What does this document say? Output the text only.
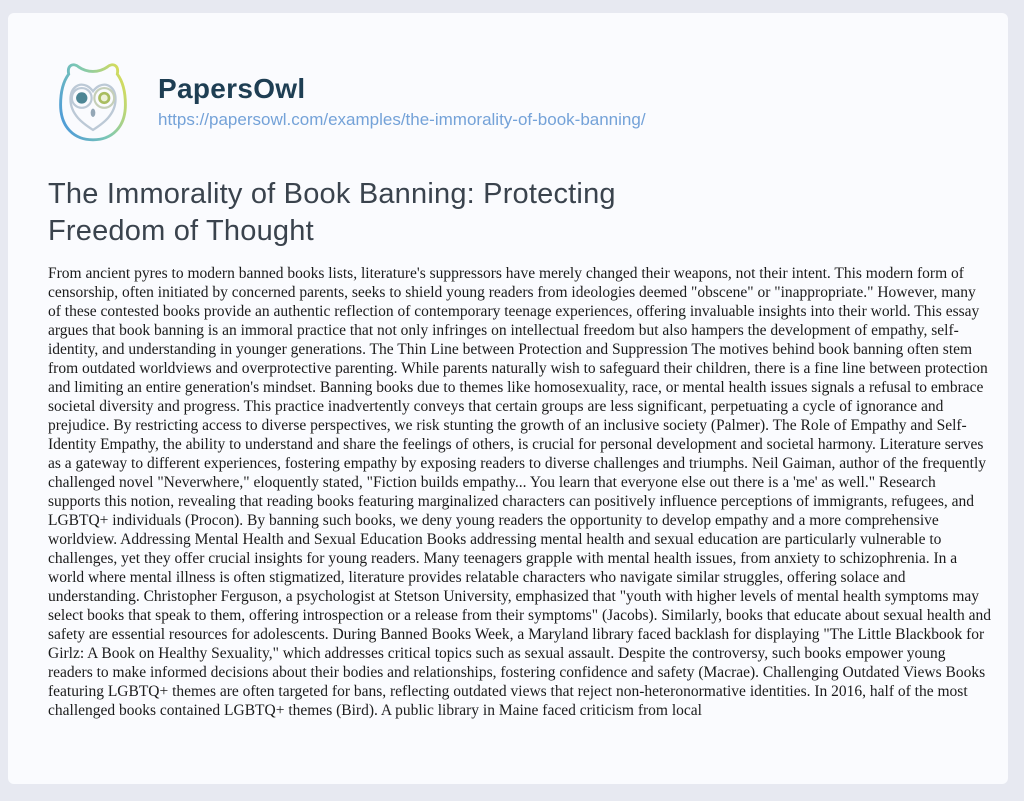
PapersOwl
https://papersowl.com/examples/the-immorality-of-book-banning/
The Immorality of Book Banning: Protecting Freedom of Thought

From ancient pyres to modern banned books lists, literature's suppressors have merely changed their weapons, not their intent. This modern form of censorship, often initiated by concerned parents, seeks to shield young readers from ideologies deemed "obscene" or "inappropriate." However, many of these contested books provide an authentic reflection of contemporary teenage experiences, offering invaluable insights into their world. This essay argues that book banning is an immoral practice that not only infringes on intellectual freedom but also hampers the development of empathy, self-identity, and understanding in younger generations. The Thin Line between Protection and Suppression The motives behind book banning often stem from outdated worldviews and overprotective parenting. While parents naturally wish to safeguard their children, there is a fine line between protection and limiting an entire generation's mindset. Banning books due to themes like homosexuality, race, or mental health issues signals a refusal to embrace societal diversity and progress. This practice inadvertently conveys that certain groups are less significant, perpetuating a cycle of ignorance and prejudice. By restricting access to diverse perspectives, we risk stunting the growth of an inclusive society (Palmer). The Role of Empathy and Self-Identity Empathy, the ability to understand and share the feelings of others, is crucial for personal development and societal harmony. Literature serves as a gateway to different experiences, fostering empathy by exposing readers to diverse challenges and triumphs. Neil Gaiman, author of the frequently challenged novel "Neverwhere," eloquently stated, "Fiction builds empathy... You learn that everyone else out there is a 'me' as well." Research supports this notion, revealing that reading books featuring marginalized characters can positively influence perceptions of immigrants, refugees, and LGBTQ+ individuals (Procon). By banning such books, we deny young readers the opportunity to develop empathy and a more comprehensive worldview. Addressing Mental Health and Sexual Education Books addressing mental health and sexual education are particularly vulnerable to challenges, yet they offer crucial insights for young readers. Many teenagers grapple with mental health issues, from anxiety to schizophrenia. In a world where mental illness is often stigmatized, literature provides relatable characters who navigate similar struggles, offering solace and understanding. Christopher Ferguson, a psychologist at Stetson University, emphasized that "youth with higher levels of mental health symptoms may select books that speak to them, offering introspection or a release from their symptoms" (Jacobs). Similarly, books that educate about sexual health and safety are essential resources for adolescents. During Banned Books Week, a Maryland library faced backlash for displaying "The Little Blackbook for Girlz: A Book on Healthy Sexuality," which addresses critical topics such as sexual assault. Despite the controversy, such books empower young readers to make informed decisions about their bodies and relationships, fostering confidence and safety (Macrae). Challenging Outdated Views Books featuring LGBTQ+ themes are often targeted for bans, reflecting outdated views that reject non-heteronormative identities. In 2016, half of the most challenged books contained LGBTQ+ themes (Bird). A public library in Maine faced criticism from local
